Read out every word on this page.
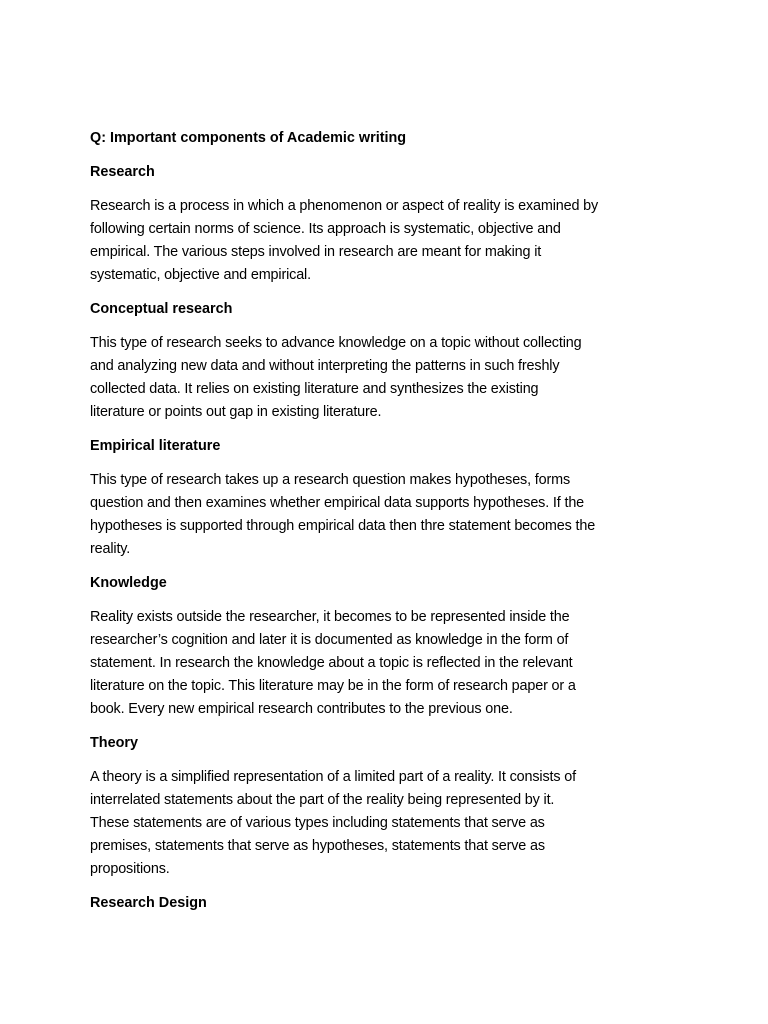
Q: Important components of Academic writing

Research

Research is a process in which a phenomenon or aspect of reality is examined by
following certain norms of science. Its approach is systematic, objective and
empirical. The various steps involved in research are meant for making it
systematic, objective and empirical.

Conceptual research

This type of research seeks to advance knowledge on a topic without collecting
and analyzing new data and without interpreting the patterns in such freshly
collected data. It relies on existing literature and synthesizes the existing
literature or points out gap in existing literature.

Empirical literature

This type of research takes up a research question makes hypotheses, forms
question and then examines whether empirical data supports hypotheses. If the
hypotheses is supported through empirical data then thre statement becomes the
reality.

Knowledge

Reality exists outside the researcher, it becomes to be represented inside the
researcher’s cognition and later it is documented as knowledge in the form of
statement. In research the knowledge about a topic is reflected in the relevant
literature on the topic. This literature may be in the form of research paper or a
book. Every new empirical research contributes to the previous one.

Theory

A theory is a simplified representation of a limited part of a reality. It consists of
interrelated statements about the part of the reality being represented by it.
These statements are of various types including statements that serve as
premises, statements that serve as hypotheses, statements that serve as
propositions.

Research Design
